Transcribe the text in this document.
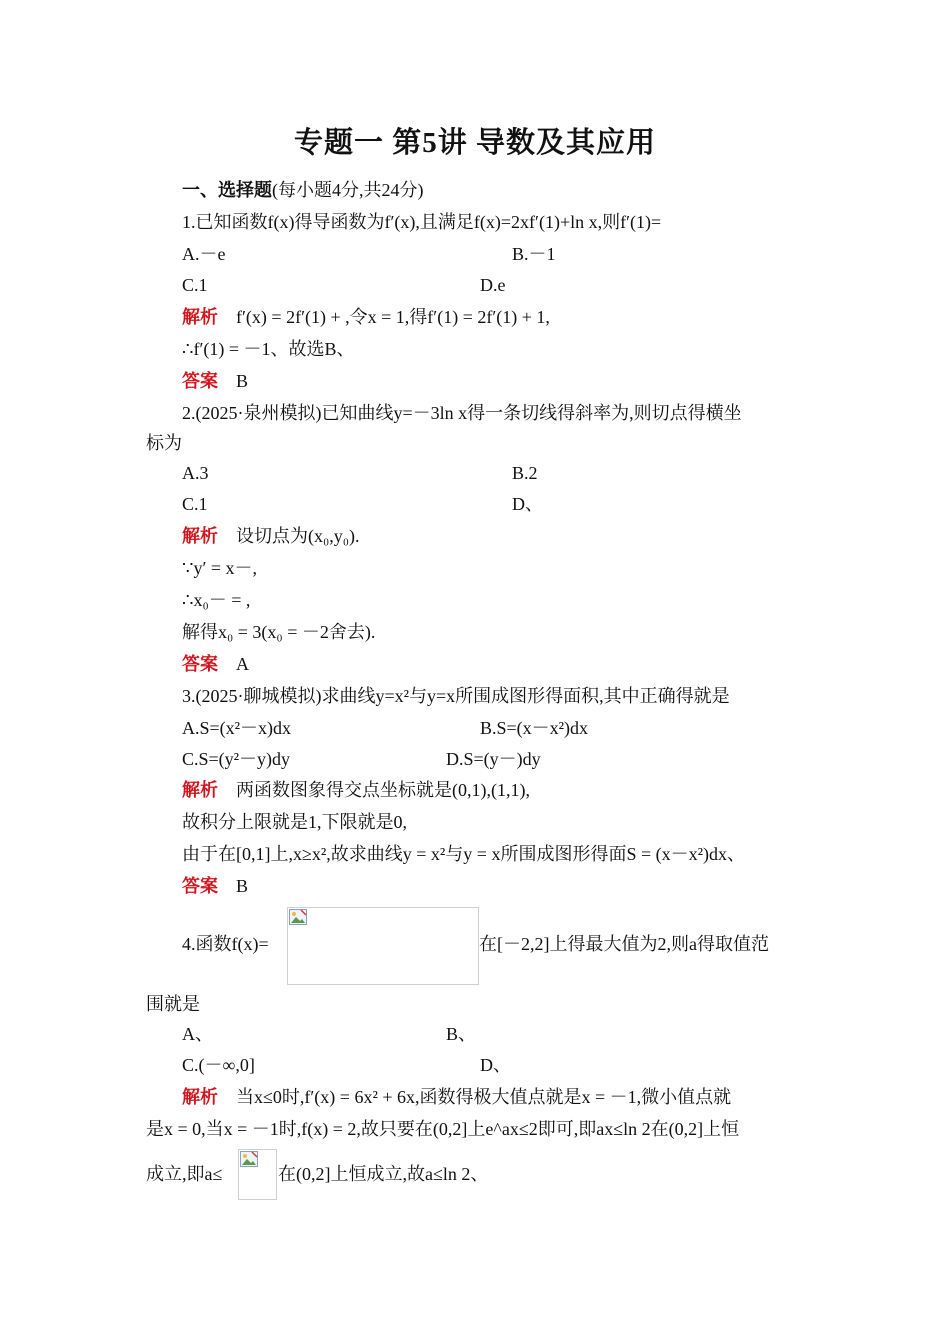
专题一 第5讲 导数及其应用
一、选择题(每小题4分,共24分)
1.已知函数f(x)得导函数为f′(x),且满足f(x)=2xf′(1)+ln x,则f′(1)=
A.－e	B.－1
C.1	D.e
解析 f′(x) = 2f′(1) + ,令x = 1,得f′(1) = 2f′(1) + 1,
∴f′(1) = －1、故选B、
答案 B
2.(2025·泉州模拟)已知曲线y=－3ln x得一条切线得斜率为,则切点得横坐
标为
A.3	B.2
C.1	D、
解析 设切点为(x₀,y₀).
∵y′ = x－,
∴x₀－ = ,
解得x₀ = 3(x₀ = －2舍去).
答案 A
3.(2025·聊城模拟)求曲线y=x²与y=x所围成图形得面积,其中正确得就是
A.S=(x²－x)dx	B.S=(x－x²)dx
C.S=(y²－y)dy	D.S=(y－)dy
解析 两函数图象得交点坐标就是(0,1),(1,1),
故积分上限就是1,下限就是0,
由于在[0,1]上,x≥x²,故求曲线y = x²与y = x所围成图形得面S = (x－x²)dx、
答案 B
4.函数f(x)=	在[－2,2]上得最大值为2,则a得取值范
围就是
A、	B、
C.(－∞,0]	D、
解析 当x≤0时,f′(x) = 6x² + 6x,函数得极大值点就是x = －1,微小值点就
是x = 0,当x = －1时,f(x) = 2,故只要在(0,2]上e^ax≤2即可,即ax≤ln 2在(0,2]上恒
成立,即a≤	在(0,2]上恒成立,故a≤ln 2、
